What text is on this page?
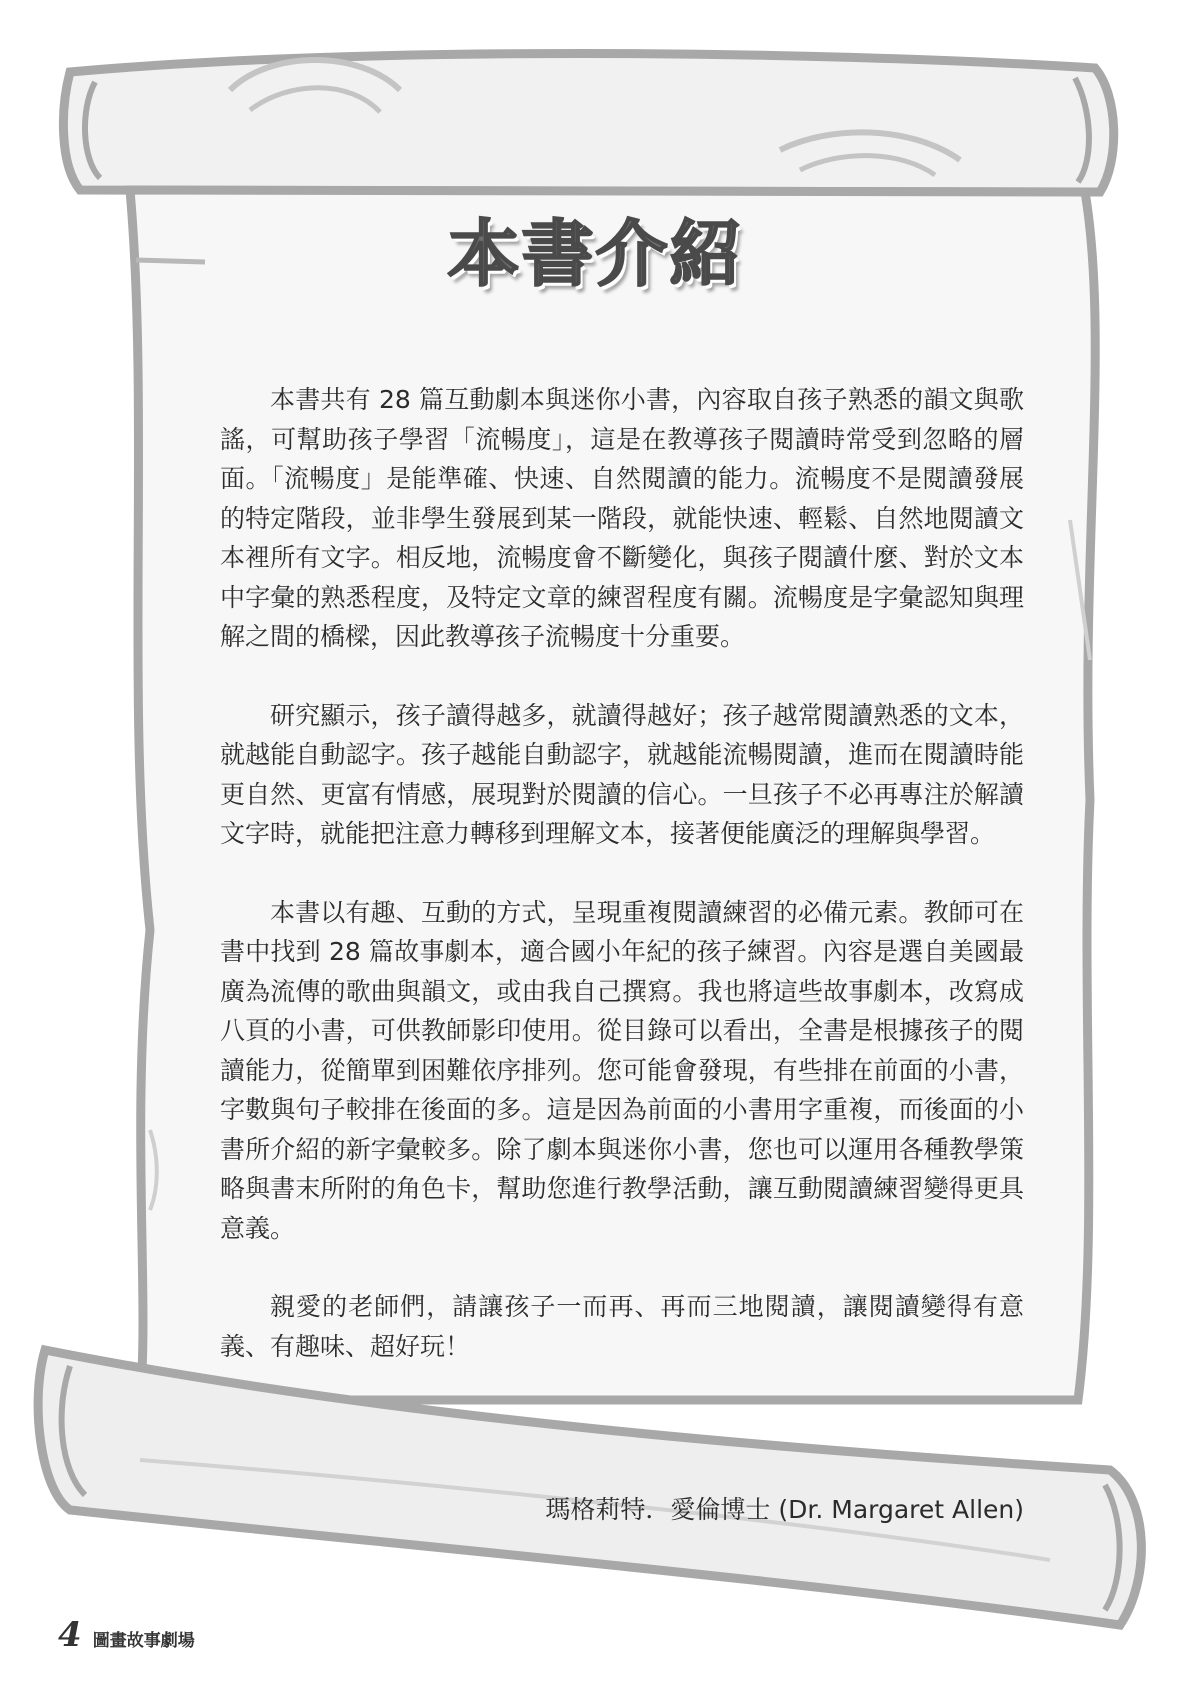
本書介紹

本書共有 28 篇互動劇本與迷你小書，內容取自孩子熟悉的韻文與歌謠，可幫助孩子學習「流暢度」，這是在教導孩子閱讀時常受到忽略的層面。「流暢度」是能準確、快速、自然閱讀的能力。流暢度不是閱讀發展的特定階段，並非學生發展到某一階段，就能快速、輕鬆、自然地閱讀文本裡所有文字。相反地，流暢度會不斷變化，與孩子閱讀什麼、對於文本中字彙的熟悉程度，及特定文章的練習程度有關。流暢度是字彙認知與理解之間的橋樑，因此教導孩子流暢度十分重要。

研究顯示，孩子讀得越多，就讀得越好；孩子越常閱讀熟悉的文本，就越能自動認字。孩子越能自動認字，就越能流暢閱讀，進而在閱讀時能更自然、更富有情感，展現對於閱讀的信心。一旦孩子不必再專注於解讀文字時，就能把注意力轉移到理解文本，接著便能廣泛的理解與學習。

本書以有趣、互動的方式，呈現重複閱讀練習的必備元素。教師可在書中找到 28 篇故事劇本，適合國小年紀的孩子練習。內容是選自美國最廣為流傳的歌曲與韻文，或由我自己撰寫。我也將這些故事劇本，改寫成八頁的小書，可供教師影印使用。從目錄可以看出，全書是根據孩子的閱讀能力，從簡單到困難依序排列。您可能會發現，有些排在前面的小書，字數與句子較排在後面的多。這是因為前面的小書用字重複，而後面的小書所介紹的新字彙較多。除了劇本與迷你小書，您也可以運用各種教學策略與書末所附的角色卡，幫助您進行教學活動，讓互動閱讀練習變得更具意義。

親愛的老師們，請讓孩子一而再、再而三地閱讀，讓閱讀變得有意義、有趣味、超好玩！

瑪格莉特．愛倫博士 (Dr. Margaret Allen)
4 圖畫故事劇場
